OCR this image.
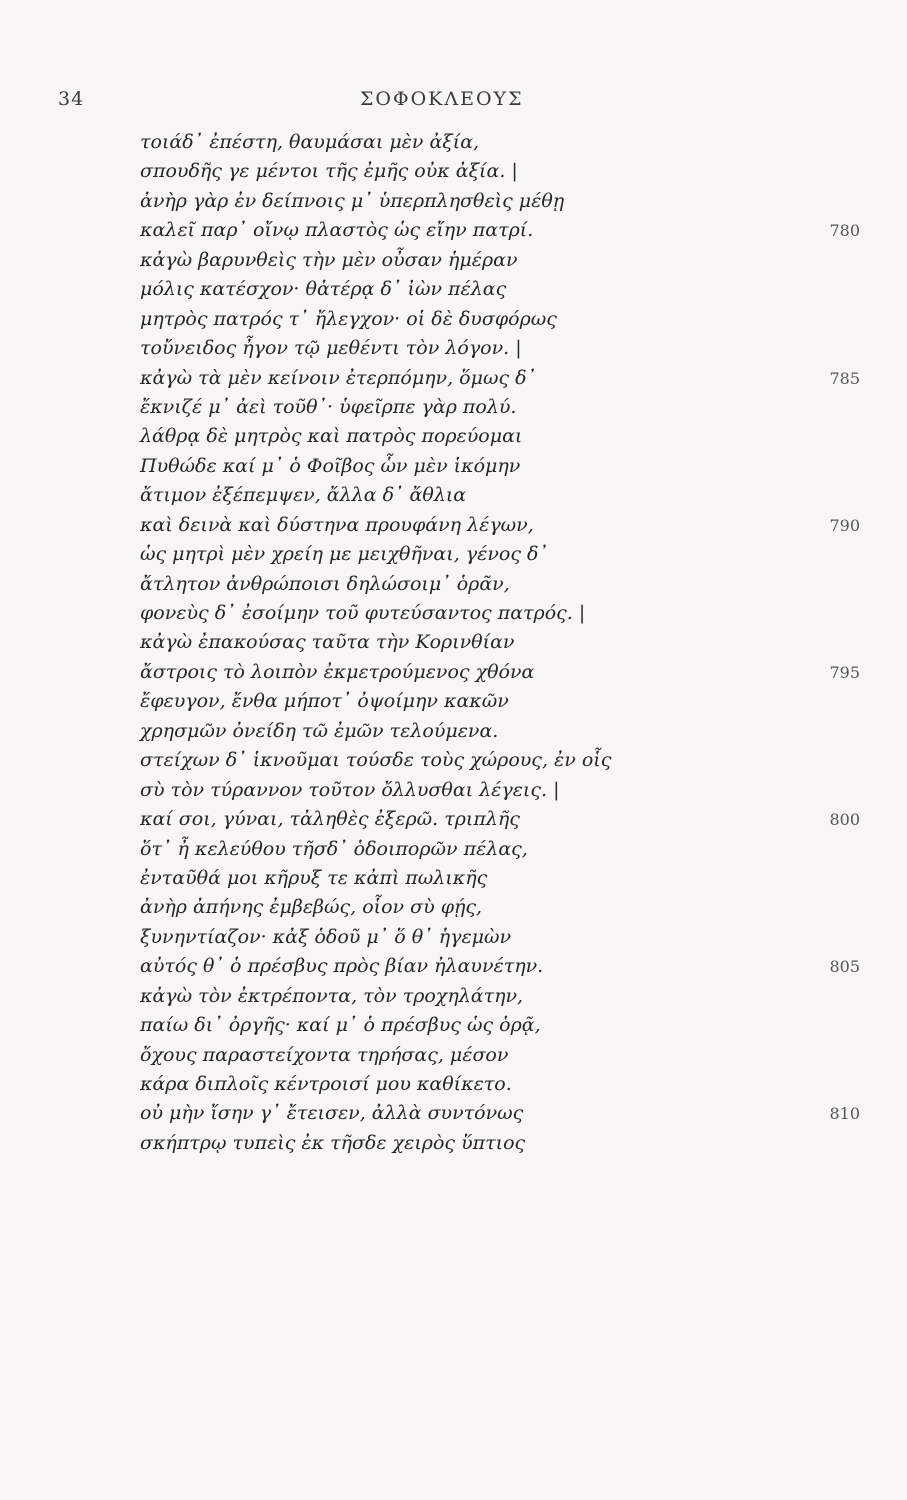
34	ΣΟΦΟΚΛΕΟΥΣ
τοιάδ᾽ ἐπέστη, θαυμάσαι μὲν ἀξία,
σπουδῆς γε μέντοι τῆς ἐμῆς οὐκ ἀξία. |
ἀνὴρ γὰρ ἐν δείπνοις μ᾽ ὑπερπλησθεὶς μέθῃ
καλεῖ παρ᾽ οἴνῳ πλαστὸς ὡς εἴην πατρί.	780
κἀγὼ βαρυνθεὶς τὴν μὲν οὖσαν ἡμέραν
μόλις κατέσχον· θἀτέρᾳ δ᾽ ἰὼν πέλας
μητρὸς πατρός τ᾽ ἤλεγχον· οἱ δὲ δυσφόρως
τοὔνειδος ἦγον τῷ μεθέντι τὸν λόγον. |
κἀγὼ τὰ μὲν κείνοιν ἐτερπόμην, ὅμως δ᾽	785
ἔκνιζέ μ᾽ ἀεὶ τοῦθ᾽· ὑφεῖρπε γὰρ πολύ.
λάθρᾳ δὲ μητρὸς καὶ πατρὸς πορεύομαι
Πυθώδε καί μ᾽ ὁ Φοῖβος ὧν μὲν ἱκόμην
ἄτιμον ἐξέπεμψεν, ἄλλα δ᾽ ἄθλια
καὶ δεινὰ καὶ δύστηνα προυφάνη λέγων,	790
ὡς μητρὶ μὲν χρείη με μειχθῆναι, γένος δ᾽
ἄτλητον ἀνθρώποισι δηλώσοιμ᾽ ὁρᾶν,
φονεὺς δ᾽ ἐσοίμην τοῦ φυτεύσαντος πατρός. |
κἀγὼ ἐπακούσας ταῦτα τὴν Κορινθίαν
ἄστροις τὸ λοιπὸν ἐκμετρούμενος χθόνα	795
ἔφευγον, ἔνθα μήποτ᾽ ὀψοίμην κακῶν
χρησμῶν ὀνείδη τῶ ἐμῶν τελούμενα.
στείχων δ᾽ ἱκνοῦμαι τούσδε τοὺς χώρους, ἐν οἷς
σὺ τὸν τύραννον τοῦτον ὄλλυσθαι λέγεις. |
καί σοι, γύναι, τἀληθὲς ἐξερῶ. τριπλῆς	800
ὅτ᾽ ἦ κελεύθου τῆσδ᾽ ὁδοιπορῶν πέλας,
ἐνταῦθά μοι κῆρυξ τε κἀπὶ πωλικῆς
ἀνὴρ ἀπήνης ἐμβεβώς, οἷον σὺ φῄς,
ξυνηντίαζον· κἀξ ὁδοῦ μ᾽ ὅ θ᾽ ἡγεμὼν
αὐτός θ᾽ ὁ πρέσβυς πρὸς βίαν ἠλαυνέτην.	805
κἀγὼ τὸν ἐκτρέποντα, τὸν τροχηλάτην,
παίω δι᾽ ὀργῆς· καί μ᾽ ὁ πρέσβυς ὡς ὁρᾷ,
ὄχους παραστείχοντα τηρήσας, μέσον
κάρα διπλοῖς κέντροισί μου καθίκετο.
οὐ μὴν ἴσην γ᾽ ἔτεισεν, ἀλλὰ συντόνως	810
σκήπτρῳ τυπεὶς ἐκ τῆσδε χειρὸς ὕπτιος
